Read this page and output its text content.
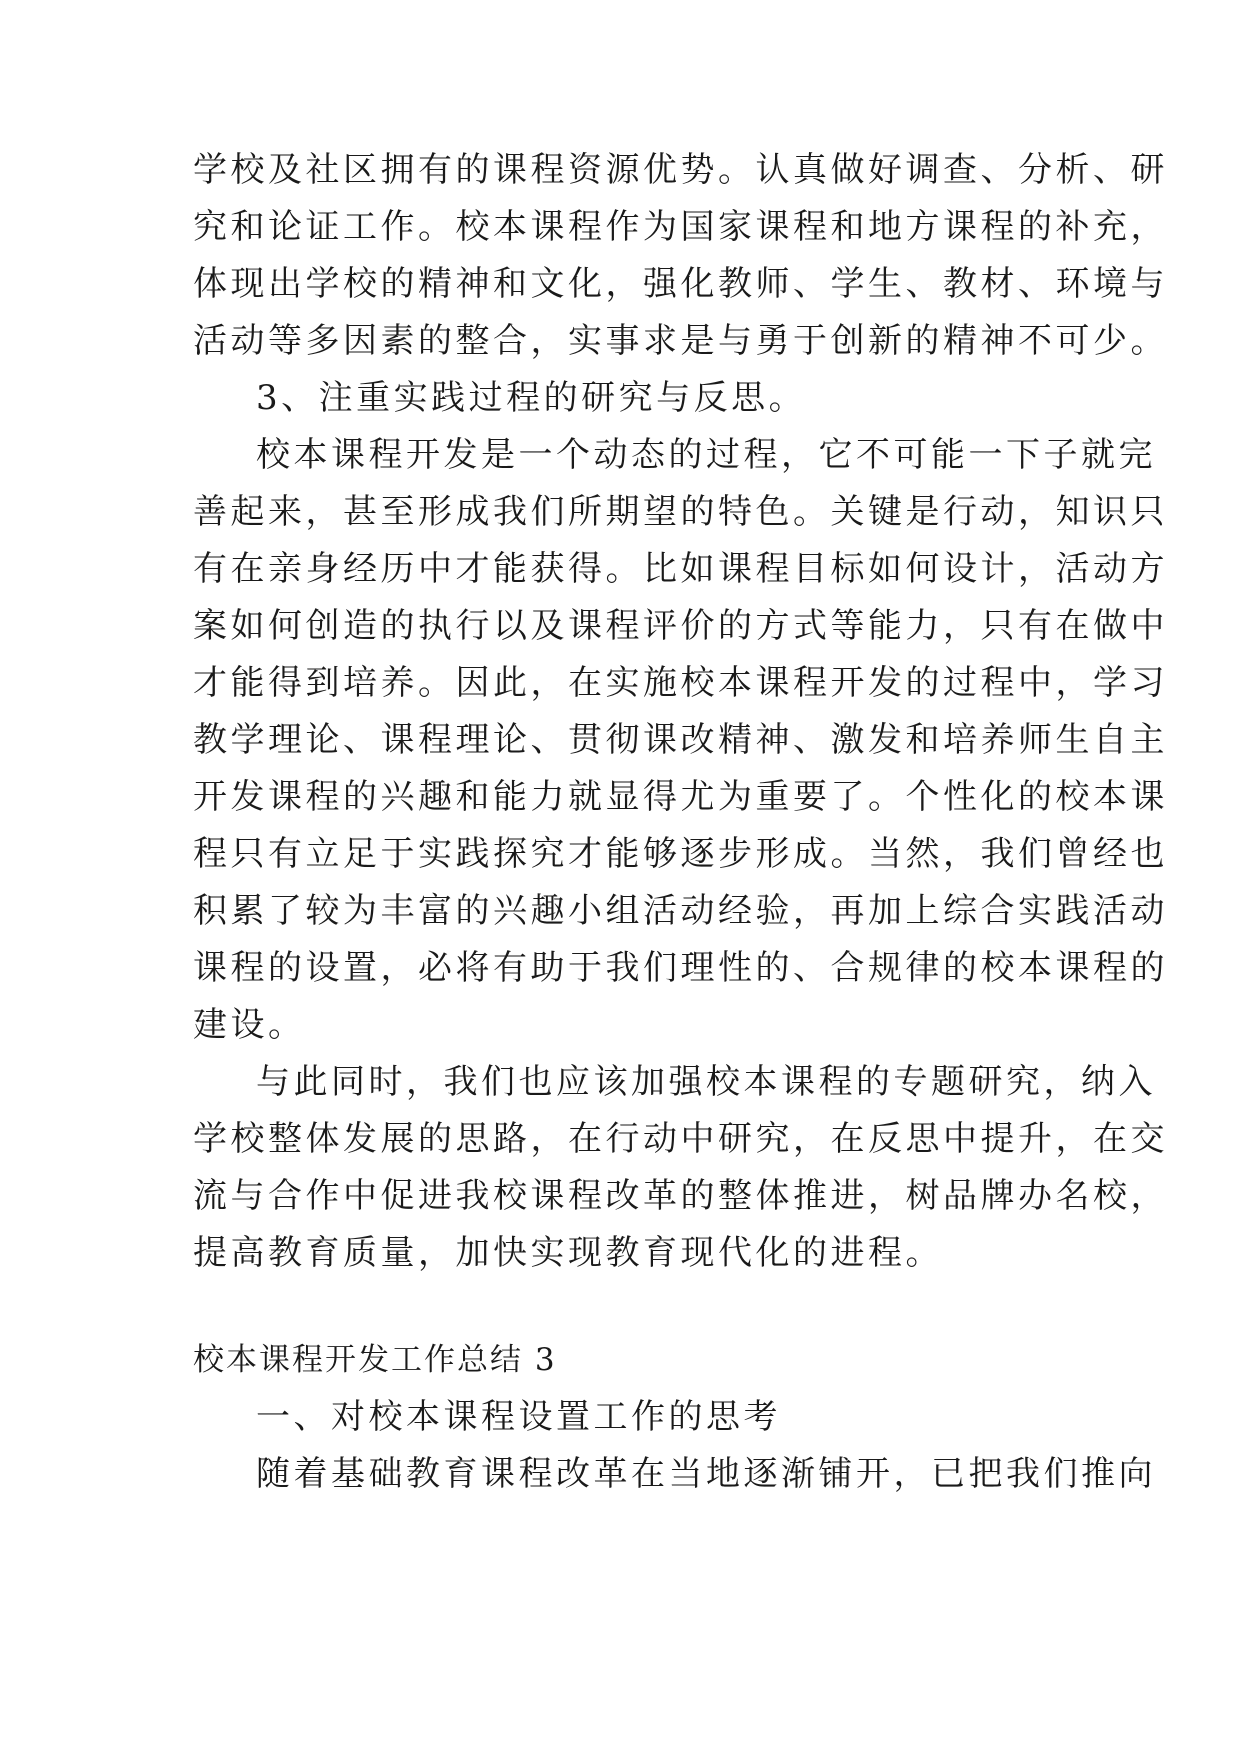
学校及社区拥有的课程资源优势。认真做好调查、分析、研
究和论证工作。校本课程作为国家课程和地方课程的补充，
体现出学校的精神和文化，强化教师、学生、教材、环境与
活动等多因素的整合，实事求是与勇于创新的精神不可少。
3、注重实践过程的研究与反思。
校本课程开发是一个动态的过程，它不可能一下子就完
善起来，甚至形成我们所期望的特色。关键是行动，知识只
有在亲身经历中才能获得。比如课程目标如何设计，活动方
案如何创造的执行以及课程评价的方式等能力，只有在做中
才能得到培养。因此，在实施校本课程开发的过程中，学习
教学理论、课程理论、贯彻课改精神、激发和培养师生自主
开发课程的兴趣和能力就显得尤为重要了。个性化的校本课
程只有立足于实践探究才能够逐步形成。当然，我们曾经也
积累了较为丰富的兴趣小组活动经验，再加上综合实践活动
课程的设置，必将有助于我们理性的、合规律的校本课程的
建设。
与此同时，我们也应该加强校本课程的专题研究，纳入
学校整体发展的思路，在行动中研究，在反思中提升，在交
流与合作中促进我校课程改革的整体推进，树品牌办名校，
提高教育质量，加快实现教育现代化的进程。
校本课程开发工作总结 3
一、对校本课程设置工作的思考
随着基础教育课程改革在当地逐渐铺开，已把我们推向
